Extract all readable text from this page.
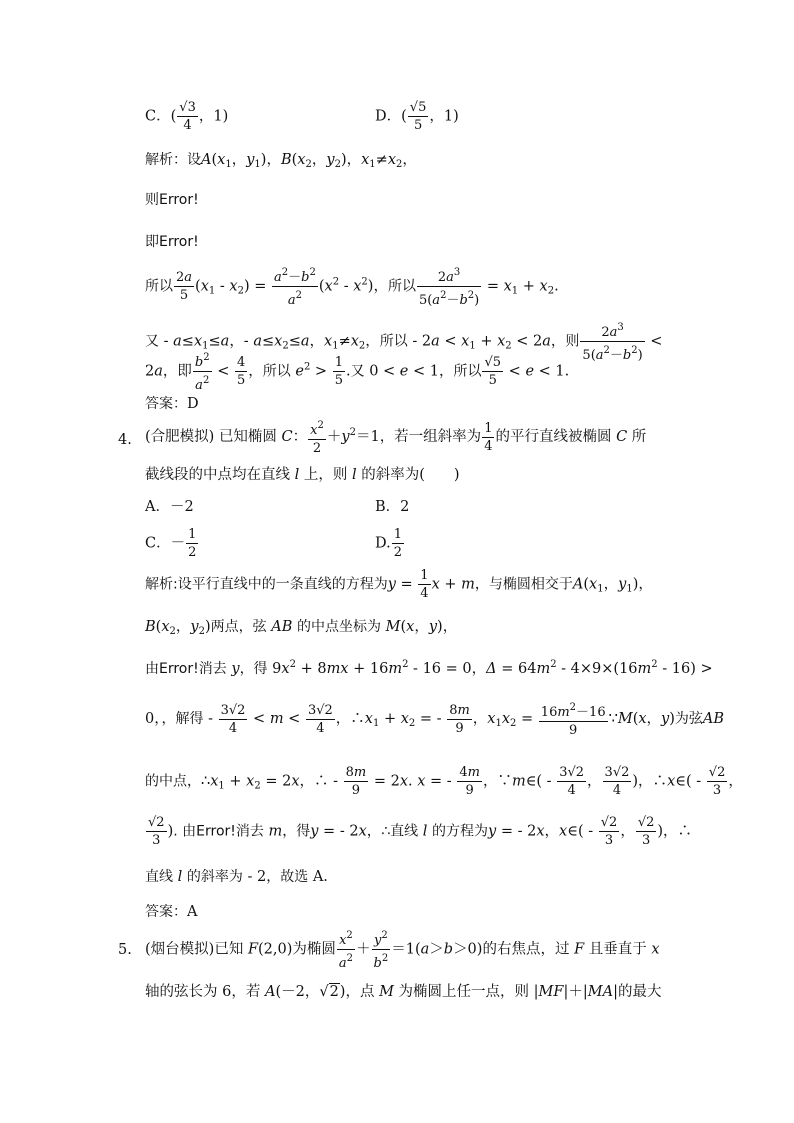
C．( $\frac{√3}{4}$ ，1)	D．( $\frac{√5}{5}$ ，1)
解析：设$A(x_1$，$y_1$)，$B(x_2$，$y_2$)，$x_1\ne x_2$，
则Error!
即Error!
所以 $\frac{2a}{5} (x_1 - x_2) = \frac{a^2-b^2}{a^2} (x^2 - x^2)$，所以 $\frac{2a^3}{5(a^2-b^2)} = x_1 + x_2$.
又 - $a\le x_1\le a$，- $a\le x_2\le a$，$x_1\ne x_2$，所以 - $2a < x_1 + x_2 < 2a$，则 $\frac{2a^3}{5(a^2-b^2)}$ <
2a，即 $\frac{b^2}{a^2} < \frac{4}{5}$ ，所以 $e^2 > \frac{1}{5}$ .又 0 < e < 1，所以 $\frac{√5}{5} < e < 1$.
答案：D
4. (合肥模拟) 已知椭圆 C： $\frac{x^2}{2} +y^2=1$，若一组斜率为 $\frac{1}{4}$ 的平行直线被椭圆 C 所
截线段的中点均在直线 l 上，则 l 的斜率为(　　)
A．－2	B．2
C．－ $\frac{1}{2}$	D. $\frac{1}{2}$
解析:设平行直线中的一条直线的方程为$y = \frac{1}{4}$ x + m，与椭圆相交于$A(x_1$，$y_1$)，
$B(x_2$，$y_2$)两点，弦 AB 的中点坐标为 M(x，y)，
由Error!消去 y，得 $9x^2 + 8mx + 16m^2 - 16 = 0$，$\Delta = 64m^2 - 4\times 9\times(16m^2 - 16)$ >
0，，解得 - $\frac{3√2}{4} < m < \frac{3√2}{4}$ ，$\therefore x_1 + x_2$ = - $\frac{8m}{9}$ ，$x_1x_2 = \frac{16m^2-16}{9}$ ∵M(x，y)为弦AB
的中点，$\therefore x_1 + x_2 = 2x$，∴ - $\frac{8m}{9} = 2x$. x = - $\frac{4m}{9}$ ，∵m∈( - $\frac{3√2}{4}$ ， $\frac{3√2}{4}$ )，∴x∈( - $\frac{√2}{3}$ ，
$\frac{√2}{3}$ ). 由Error!消去 m，得y = - 2x，∴直线 l 的方程为y = - 2x，x∈( - $\frac{√2}{3}$ ， $\frac{√2}{3}$ )，∴
直线 l 的斜率为 - 2，故选 A.
答案：A
5. (烟台模拟)已知 F(2,0)为椭圆 $\frac{x^2}{a^2} + \frac{y^2}{b^2} =1(a>b>0)$的右焦点，过 F 且垂直于 x
轴的弦长为 6，若 A(－2，√2)，点 M 为椭圆上任一点，则 |MF|＋|MA|的最大
